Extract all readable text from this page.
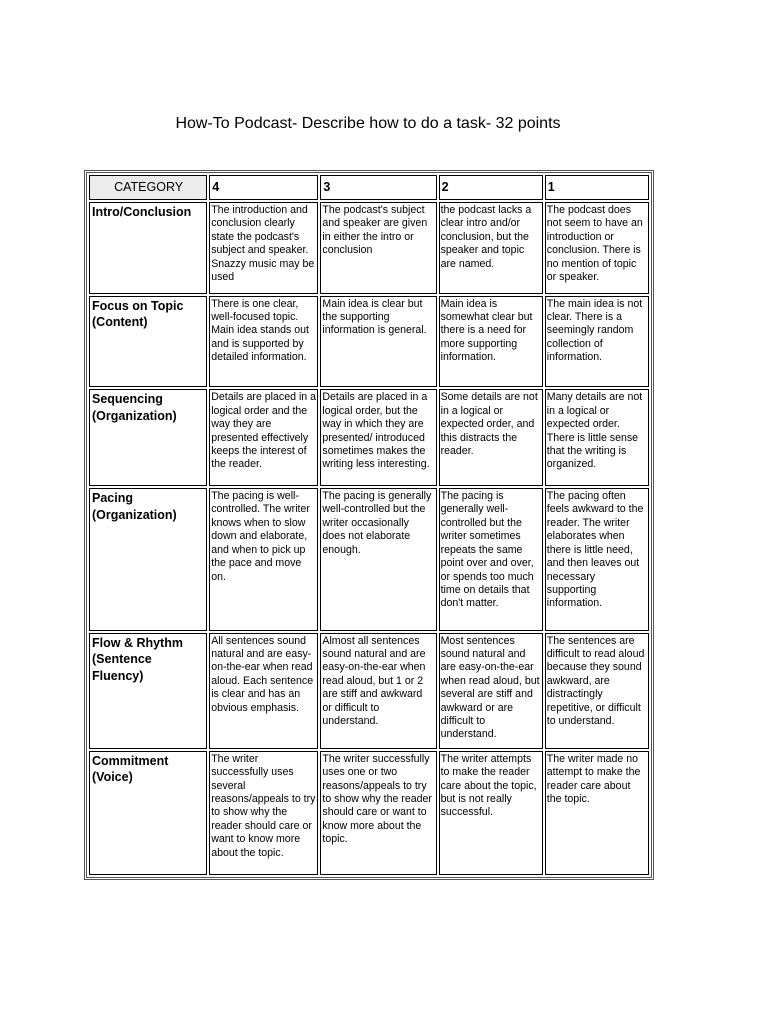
How-To Podcast- Describe how to do a task- 32 points
CATEGORY	4	3	2	1
Intro/Conclusion	The introduction and conclusion clearly state the podcast's subject and speaker. Snazzy music may be used	The podcast's subject and speaker are given in either the intro or conclusion	the podcast lacks a clear intro and/or conclusion, but the speaker and topic are named.	The podcast does not seem to have an introduction or conclusion. There is no mention of topic or speaker.
Focus on Topic (Content)	There is one clear, well-focused topic. Main idea stands out and is supported by detailed information.	Main idea is clear but the supporting information is general.	Main idea is somewhat clear but there is a need for more supporting information.	The main idea is not clear. There is a seemingly random collection of information.
Sequencing (Organization)	Details are placed in a logical order and the way they are presented effectively keeps the interest of the reader.	Details are placed in a logical order, but the way in which they are presented/ introduced sometimes makes the writing less interesting.	Some details are not in a logical or expected order, and this distracts the reader.	Many details are not in a logical or expected order. There is little sense that the writing is organized.
Pacing (Organization)	The pacing is well-controlled. The writer knows when to slow down and elaborate, and when to pick up the pace and move on.	The pacing is generally well-controlled but the writer occasionally does not elaborate enough.	The pacing is generally well-controlled but the writer sometimes repeats the same point over and over, or spends too much time on details that don't matter.	The pacing often feels awkward to the reader. The writer elaborates when there is little need, and then leaves out necessary supporting information.
Flow & Rhythm (Sentence Fluency)	All sentences sound natural and are easy-on-the-ear when read aloud. Each sentence is clear and has an obvious emphasis.	Almost all sentences sound natural and are easy-on-the-ear when read aloud, but 1 or 2 are stiff and awkward or difficult to understand.	Most sentences sound natural and are easy-on-the-ear when read aloud, but several are stiff and awkward or are difficult to understand.	The sentences are difficult to read aloud because they sound awkward, are distractingly repetitive, or difficult to understand.
Commitment (Voice)	The writer successfully uses several reasons/appeals to try to show why the reader should care or want to know more about the topic.	The writer successfully uses one or two reasons/appeals to try to show why the reader should care or want to know more about the topic.	The writer attempts to make the reader care about the topic, but is not really successful.	The writer made no attempt to make the reader care about the topic.
